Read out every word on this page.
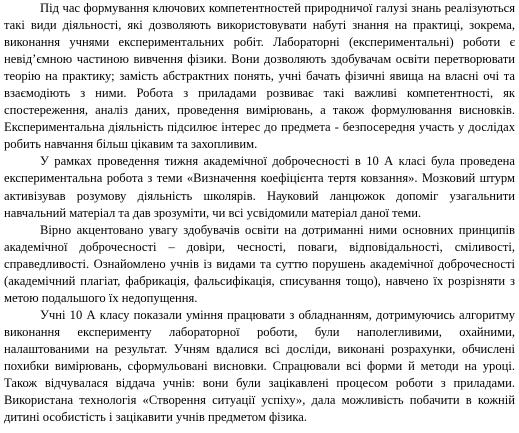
Під час формування ключових компетентностей природничої галузі знань реалізуються такі види діяльності, які дозволяють використовувати набуті знання на практиці, зокрема, виконання учнями експериментальних робіт. Лабораторні (експериментальні) роботи є невід’ємною частиною вивчення фізики. Вони дозволяють здобувачам освіти перетворювати теорію на практику; замість абстрактних понять, учні бачать фізичні явища на власні очі та взаємодіють з ними. Робота з приладами розвиває такі важливі компетентності, як спостереження, аналіз даних, проведення вимірювань, а також формулювання висновків. Експериментальна діяльність підсилює інтерес до предмета - безпосередня участь у дослідах робить навчання більш цікавим та захопливим.

У рамках проведення тижня академічної доброчесності в 10 А класі була проведена експериментальна робота з теми «Визначення коефіцієнта тертя ковзання». Мозковий штурм активізував розумову діяльність школярів. Науковий ланцюжок допоміг узагальнити навчальний матеріал та дав зрозуміти, чи всі усвідомили матеріал даної теми.

Вірно акцентовано увагу здобувачів освіти на дотриманні ними основних принципів академічної доброчесності – довіри, чесності, поваги, відповідальності, сміливості, справедливості. Ознайомлено учнів із видами та суттю порушень академічної доброчесності (академічний плагіат, фабрикація, фальсифікація, списування тощо), навчено їх розрізняти з метою подальшого їх недопущення.

Учні 10 А класу показали уміння працювати з обладнанням, дотримуючись алгоритму виконання експерименту лабораторної роботи, були наполегливими, охайними, налаштованими на результат. Учням вдалися всі досліди, виконані розрахунки, обчислені похибки вимірювань, сформульовані висновки. Спрацювали всі форми й методи на уроці. Також відчувалася віддача учнів: вони були зацікавлені процесом роботи з приладами. Використана технологія «Створення ситуації успіху», дала можливість побачити в кожній дитині особистість і зацікавити учнів предметом фізика.
